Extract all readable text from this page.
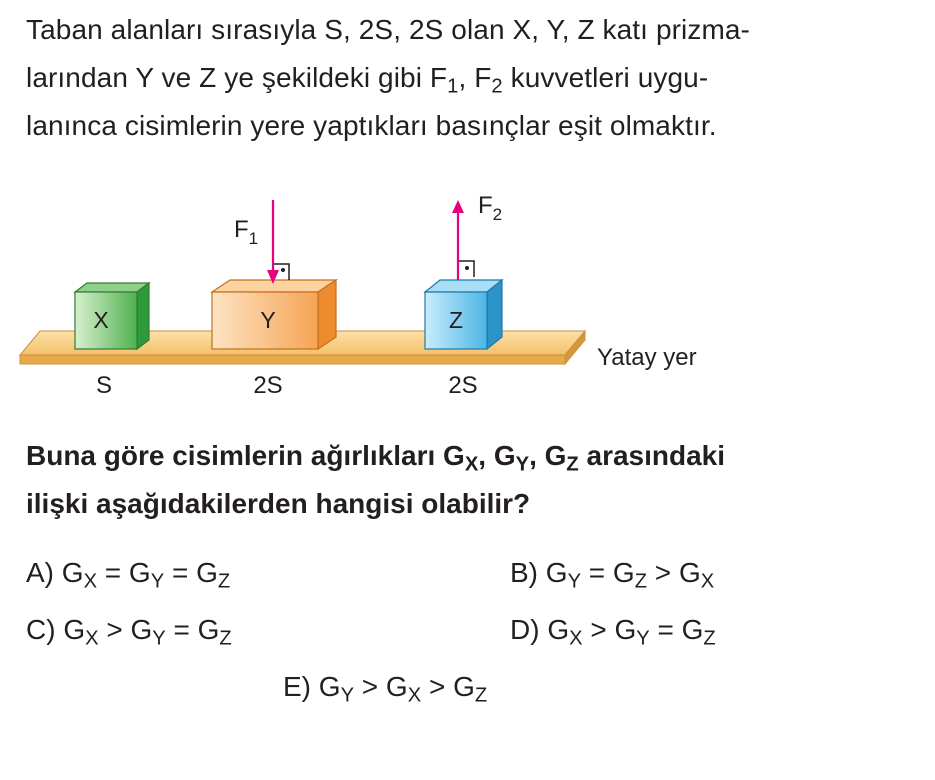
Taban alanları sırasıyla S, 2S, 2S olan X, Y, Z katı prizma-

larından Y ve Z ye şekildeki gibi $F_1$, $F_2$ kuvvetleri uygu-

lanınca cisimlerin yere yaptıkları basınçlar eşit olmaktır.

X	Y	Z
$F_1$
$F_2$
Yatay yer
S	2S	2S

Buna göre cisimlerin ağırlıkları $G_X$, $G_Y$, $G_Z$ arasındaki

ilişki aşağıdakilerden hangisi olabilir?

A) $G_X = G_Y = G_Z$	B) $G_Y = G_Z > G_X$
C) $G_X > G_Y = G_Z$	D) $G_X > G_Y = G_Z$
E) $G_Y > G_X > G_Z$
